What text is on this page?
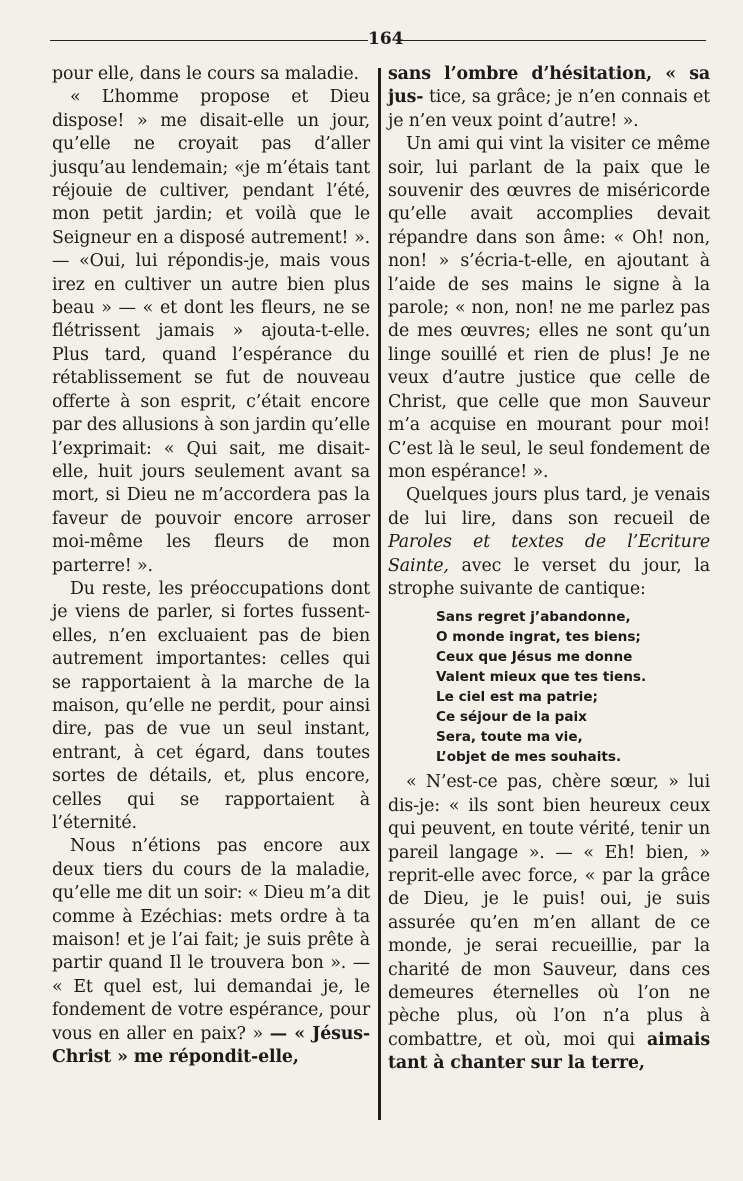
164

pour elle, dans le cours sa maladie.

« L’homme propose et Dieu dispose! » me disait-elle un jour, qu’elle ne croyait pas d’aller jusqu’au lendemain; «je m’étais tant réjouie de cultiver, pendant l’été, mon petit jardin; et voilà que le Seigneur en a disposé autrement! ». — «Oui, lui répondis-je, mais vous irez en cultiver un autre bien plus beau » — « et dont les fleurs, ne se flétrissent jamais » ajouta-t-elle. Plus tard, quand l’espérance du rétablissement se fut de nouveau offerte à son esprit, c’était encore par des allusions à son jardin qu’elle l’exprimait: « Qui sait, me disait-elle, huit jours seulement avant sa mort, si Dieu ne m’accordera pas la faveur de pouvoir encore arroser moi-même les fleurs de mon parterre! ».

Du reste, les préoccupations dont je viens de parler, si fortes fussent-elles, n’en excluaient pas de bien autrement importantes: celles qui se rapportaient à la marche de la maison, qu’elle ne perdit, pour ainsi dire, pas de vue un seul instant, entrant, à cet égard, dans toutes sortes de détails, et, plus encore, celles qui se rapportaient à l’éternité.

Nous n’étions pas encore aux deux tiers du cours de la maladie, qu’elle me dit un soir: « Dieu m’a dit comme à Ezéchias: mets ordre à ta maison! et je l’ai fait; je suis prête à partir quand Il le trouvera bon ». — « Et quel est, lui demandai je, le fondement de votre espérance, pour vous en aller en paix? » — « Jésus-Christ » me répondit-elle,

sans l’ombre d’hésitation, « sa jus- tice, sa grâce; je n’en connais et je n’en veux point d’autre! ».

Un ami qui vint la visiter ce même soir, lui parlant de la paix que le souvenir des œuvres de miséricorde qu’elle avait accomplies devait répandre dans son âme: « Oh! non, non! » s’écria-t-elle, en ajoutant à l’aide de ses mains le signe à la parole; « non, non! ne me parlez pas de mes œuvres; elles ne sont qu’un linge souillé et rien de plus! Je ne veux d’autre justice que celle de Christ, que celle que mon Sauveur m’a acquise en mourant pour moi! C’est là le seul, le seul fondement de mon espérance! ».

Quelques jours plus tard, je venais de lui lire, dans son recueil de Paroles et textes de l’Ecriture Sainte, avec le verset du jour, la strophe suivante de cantique:

Sans regret j’abandonne,
O monde ingrat, tes biens;
Ceux que Jésus me donne
Valent mieux que tes tiens.
Le ciel est ma patrie;
Ce séjour de la paix
Sera, toute ma vie,
L’objet de mes souhaits.

« N’est-ce pas, chère sœur, » lui dis-je: « ils sont bien heureux ceux qui peuvent, en toute vérité, tenir un pareil langage ». — « Eh! bien, » reprit-elle avec force, « par la grâce de Dieu, je le puis! oui, je suis assurée qu’en m’en allant de ce monde, je serai recueillie, par la charité de mon Sauveur, dans ces demeures éternelles où l’on ne pèche plus, où l’on n’a plus à combattre, et où, moi qui aimais tant à chanter sur la terre,
